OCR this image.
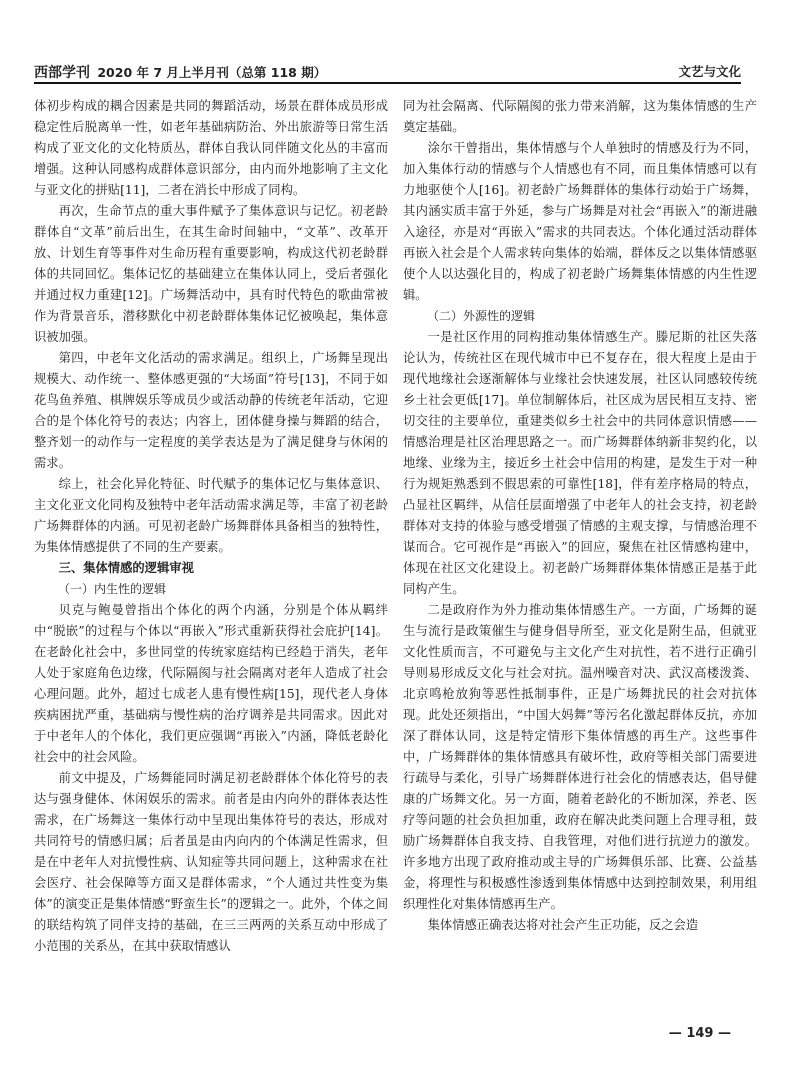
西部学刊 2020 年 7 月上半月刊（总第 118 期）	文艺与文化

体初步构成的耦合因素是共同的舞蹈活动，场景在群体成员形成稳定性后脱离单一性，如老年基础病防治、外出旅游等日常生活构成了亚文化的文化特质丛，群体自我认同伴随文化丛的丰富而增强。这种认同感构成群体意识部分，由内而外地影响了主文化与亚文化的拼贴[11]，二者在消长中形成了同构。

再次，生命节点的重大事件赋予了集体意识与记忆。初老龄群体自“文革”前后出生，在其生命时间轴中，“文革”、改革开放、计划生育等事件对生命历程有重要影响，构成这代初老龄群体的共同回忆。集体记忆的基础建立在集体认同上，受后者强化并通过权力重建[12]。广场舞活动中，具有时代特色的歌曲常被作为背景音乐，潜移默化中初老龄群体集体记忆被唤起，集体意识被加强。

第四，中老年文化活动的需求满足。组织上，广场舞呈现出规模大、动作统一、整体感更强的“大场面”符号[13]，不同于如花鸟鱼养殖、棋牌娱乐等成员少或活动静的传统老年活动，它迎合的是个体化符号的表达；内容上，团体健身操与舞蹈的结合，整齐划一的动作与一定程度的美学表达是为了满足健身与休闲的需求。

综上，社会化异化特征、时代赋予的集体记忆与集体意识、主文化亚文化同构及独特中老年活动需求满足等，丰富了初老龄广场舞群体的内涵。可见初老龄广场舞群体具备相当的独特性，为集体情感提供了不同的生产要素。

三、集体情感的逻辑审视
（一）内生性的逻辑

贝克与鲍曼曾指出个体化的两个内涵，分别是个体从羁绊中“脱嵌”的过程与个体以“再嵌入”形式重新获得社会庇护[14]。在老龄化社会中，多世同堂的传统家庭结构已经趋于消失，老年人处于家庭角色边缘，代际隔阂与社会隔离对老年人造成了社会心理问题。此外，超过七成老人患有慢性病[15]，现代老人身体疾病困扰严重，基础病与慢性病的治疗调养是共同需求。因此对于中老年人的个体化，我们更应强调“再嵌入”内涵，降低老龄化社会中的社会风险。

前文中提及，广场舞能同时满足初老龄群体个体化符号的表达与强身健体、休闲娱乐的需求。前者是由内向外的群体表达性需求，在广场舞这一集体行动中呈现出集体符号的表达，形成对共同符号的情感归属；后者虽是由内向内的个体满足性需求，但是在中老年人对抗慢性病、认知症等共同问题上，这种需求在社会医疗、社会保障等方面又是群体需求，“个人通过共性变为集体”的演变正是集体情感“野蛮生长”的逻辑之一。此外，个体之间的联结构筑了同伴支持的基础，在三三两两的关系互动中形成了小范围的关系丛，在其中获取情感认

同为社会隔离、代际隔阂的张力带来消解，这为集体情感的生产奠定基础。

涂尔干曾指出，集体情感与个人单独时的情感及行为不同，加入集体行动的情感与个人情感也有不同，而且集体情感可以有力地驱使个人[16]。初老龄广场舞群体的集体行动始于广场舞，其内涵实质丰富于外延，参与广场舞是对社会“再嵌入”的渐进融入途径，亦是对“再嵌入”需求的共同表达。个体化通过活动群体再嵌入社会是个人需求转向集体的始端，群体反之以集体情感驱使个人以达强化目的，构成了初老龄广场舞集体情感的内生性逻辑。

（二）外源性的逻辑

一是社区作用的同构推动集体情感生产。滕尼斯的社区失落论认为，传统社区在现代城市中已不复存在，很大程度上是由于现代地缘社会逐渐解体与业缘社会快速发展，社区认同感较传统乡土社会更低[17]。单位制解体后，社区成为居民相互支持、密切交往的主要单位，重建类似乡土社会中的共同体意识情感——情感治理是社区治理思路之一。而广场舞群体纳新非契约化，以地缘、业缘为主，接近乡土社会中信用的构建，是发生于对一种行为规矩熟悉到不假思索的可靠性[18]，伴有差序格局的特点，凸显社区羁绊，从信任层面增强了中老年人的社会支持，初老龄群体对支持的体验与感受增强了情感的主观支撑，与情感治理不谋而合。它可视作是“再嵌入”的回应，聚焦在社区情感构建中，体现在社区文化建设上。初老龄广场舞群体集体情感正是基于此同构产生。

二是政府作为外力推动集体情感生产。一方面，广场舞的诞生与流行是政策催生与健身倡导所至，亚文化是附生品，但就亚文化性质而言，不可避免与主文化产生对抗性，若不进行正确引导则易形成反文化与社会对抗。温州噪音对决、武汉高楼泼粪、北京鸣枪放狗等恶性抵制事件，正是广场舞扰民的社会对抗体现。此处还须指出，“中国大妈舞”等污名化激起群体反抗，亦加深了群体认同，这是特定情形下集体情感的再生产。这些事件中，广场舞群体的集体情感具有破坏性，政府等相关部门需要进行疏导与柔化，引导广场舞群体进行社会化的情感表达，倡导健康的广场舞文化。另一方面，随着老龄化的不断加深，养老、医疗等问题的社会负担加重，政府在解决此类问题上合理寻租，鼓励广场舞群体自我支持、自我管理，对他们进行抗逆力的激发。许多地方出现了政府推动或主导的广场舞俱乐部、比赛、公益基金，将理性与积极感性渗透到集体情感中达到控制效果，利用组织理性化对集体情感再生产。

集体情感正确表达将对社会产生正功能，反之会造

— 149 —
